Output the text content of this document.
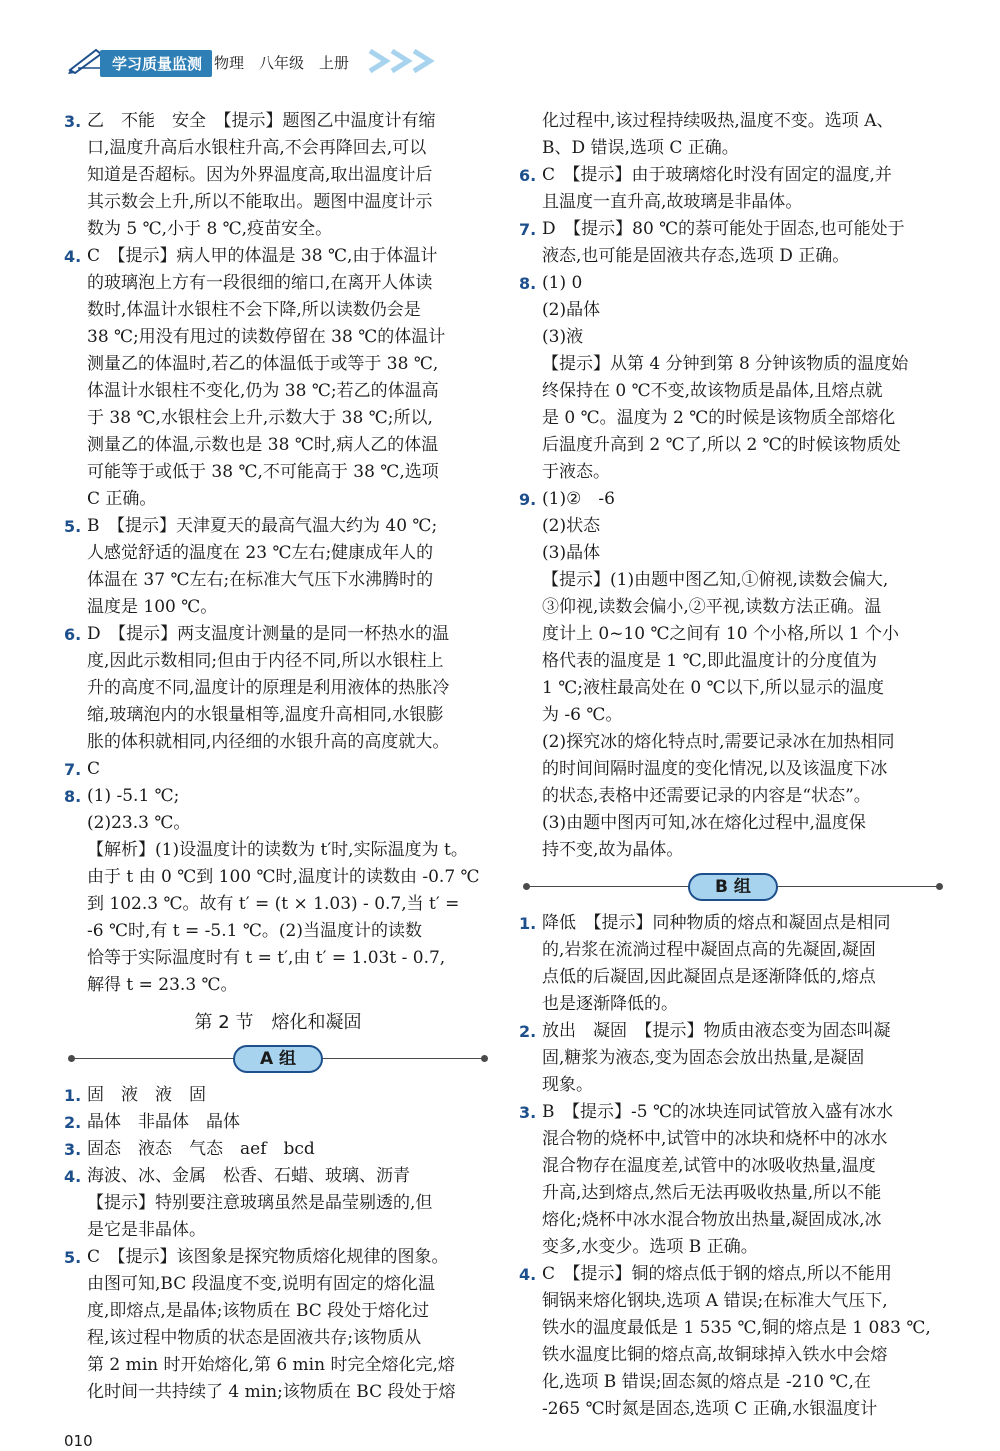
学习质量监测 物理　八年级　上册
3. 乙　不能　安全　【提示】题图乙中温度计有缩
口,温度升高后水银柱升高,不会再降回去,可以
知道是否超标。因为外界温度高,取出温度计后
其示数会上升,所以不能取出。题图中温度计示
数为 5 ℃,小于 8 ℃,疫苗安全。
4. C　【提示】病人甲的体温是 38 ℃,由于体温计
的玻璃泡上方有一段很细的缩口,在离开人体读
数时,体温计水银柱不会下降,所以读数仍会是
38 ℃;用没有甩过的读数停留在 38 ℃的体温计
测量乙的体温时,若乙的体温低于或等于 38 ℃,
体温计水银柱不变化,仍为 38 ℃;若乙的体温高
于 38 ℃,水银柱会上升,示数大于 38 ℃;所以,
测量乙的体温,示数也是 38 ℃时,病人乙的体温
可能等于或低于 38 ℃,不可能高于 38 ℃,选项
C 正确。
5. B　【提示】天津夏天的最高气温大约为 40 ℃;
人感觉舒适的温度在 23 ℃左右;健康成年人的
体温在 37 ℃左右;在标准大气压下水沸腾时的
温度是 100 ℃。
6. D　【提示】两支温度计测量的是同一杯热水的温
度,因此示数相同;但由于内径不同,所以水银柱上
升的高度不同,温度计的原理是利用液体的热胀冷
缩,玻璃泡内的水银量相等,温度升高相同,水银膨
胀的体积就相同,内径细的水银升高的高度就大。
7. C
8. (1) -5.1 ℃;
(2)23.3 ℃。
【解析】(1)设温度计的读数为 t′时,实际温度为 t。
由于 t 由 0 ℃到 100 ℃时,温度计的读数由 -0.7 ℃
到 102.3 ℃。故有 t′ = (t × 1.03) - 0.7,当 t′ =
-6 ℃时,有 t = -5.1 ℃。(2)当温度计的读数
恰等于实际温度时有 t = t′,由 t′ = 1.03t - 0.7,
解得 t = 23.3 ℃。
第 2 节　熔化和凝固
A 组
1. 固　液　液　固
2. 晶体　非晶体　晶体
3. 固态　液态　气态　aef　bcd
4. 海波、冰、金属　松香、石蜡、玻璃、沥青
【提示】特别要注意玻璃虽然是晶莹剔透的,但
是它是非晶体。
5. C　【提示】该图象是探究物质熔化规律的图象。
由图可知,BC 段温度不变,说明有固定的熔化温
度,即熔点,是晶体;该物质在 BC 段处于熔化过
程,该过程中物质的状态是固液共存;该物质从
第 2 min 时开始熔化,第 6 min 时完全熔化完,熔
化时间一共持续了 4 min;该物质在 BC 段处于熔
化过程中,该过程持续吸热,温度不变。选项 A、
B、D 错误,选项 C 正确。
6. C　【提示】由于玻璃熔化时没有固定的温度,并
且温度一直升高,故玻璃是非晶体。
7. D　【提示】80 ℃的萘可能处于固态,也可能处于
液态,也可能是固液共存态,选项 D 正确。
8. (1) 0
(2)晶体
(3)液
【提示】从第 4 分钟到第 8 分钟该物质的温度始
终保持在 0 ℃不变,故该物质是晶体,且熔点就
是 0 ℃。温度为 2 ℃的时候是该物质全部熔化
后温度升高到 2 ℃了,所以 2 ℃的时候该物质处
于液态。
9. (1)②　-6
(2)状态
(3)晶体
【提示】(1)由题中图乙知,①俯视,读数会偏大,
③仰视,读数会偏小,②平视,读数方法正确。温
度计上 0~10 ℃之间有 10 个小格,所以 1 个小
格代表的温度是 1 ℃,即此温度计的分度值为
1 ℃;液柱最高处在 0 ℃以下,所以显示的温度
为 -6 ℃。
(2)探究冰的熔化特点时,需要记录冰在加热相同
的时间间隔时温度的变化情况,以及该温度下冰
的状态,表格中还需要记录的内容是“状态”。
(3)由题中图丙可知,冰在熔化过程中,温度保
持不变,故为晶体。
B 组
1. 降低　【提示】同种物质的熔点和凝固点是相同
的,岩浆在流淌过程中凝固点高的先凝固,凝固
点低的后凝固,因此凝固点是逐渐降低的,熔点
也是逐渐降低的。
2. 放出　凝固　【提示】物质由液态变为固态叫凝
固,糖浆为液态,变为固态会放出热量,是凝固
现象。
3. B　【提示】-5 ℃的冰块连同试管放入盛有冰水
混合物的烧杯中,试管中的冰块和烧杯中的冰水
混合物存在温度差,试管中的冰吸收热量,温度
升高,达到熔点,然后无法再吸收热量,所以不能
熔化;烧杯中冰水混合物放出热量,凝固成冰,冰
变多,水变少。选项 B 正确。
4. C　【提示】铜的熔点低于钢的熔点,所以不能用
铜锅来熔化钢块,选项 A 错误;在标准大气压下,
铁水的温度最低是 1 535 ℃,铜的熔点是 1 083 ℃,
铁水温度比铜的熔点高,故铜球掉入铁水中会熔
化,选项 B 错误;固态氮的熔点是 -210 ℃,在
-265 ℃时氮是固态,选项 C 正确,水银温度计
010
